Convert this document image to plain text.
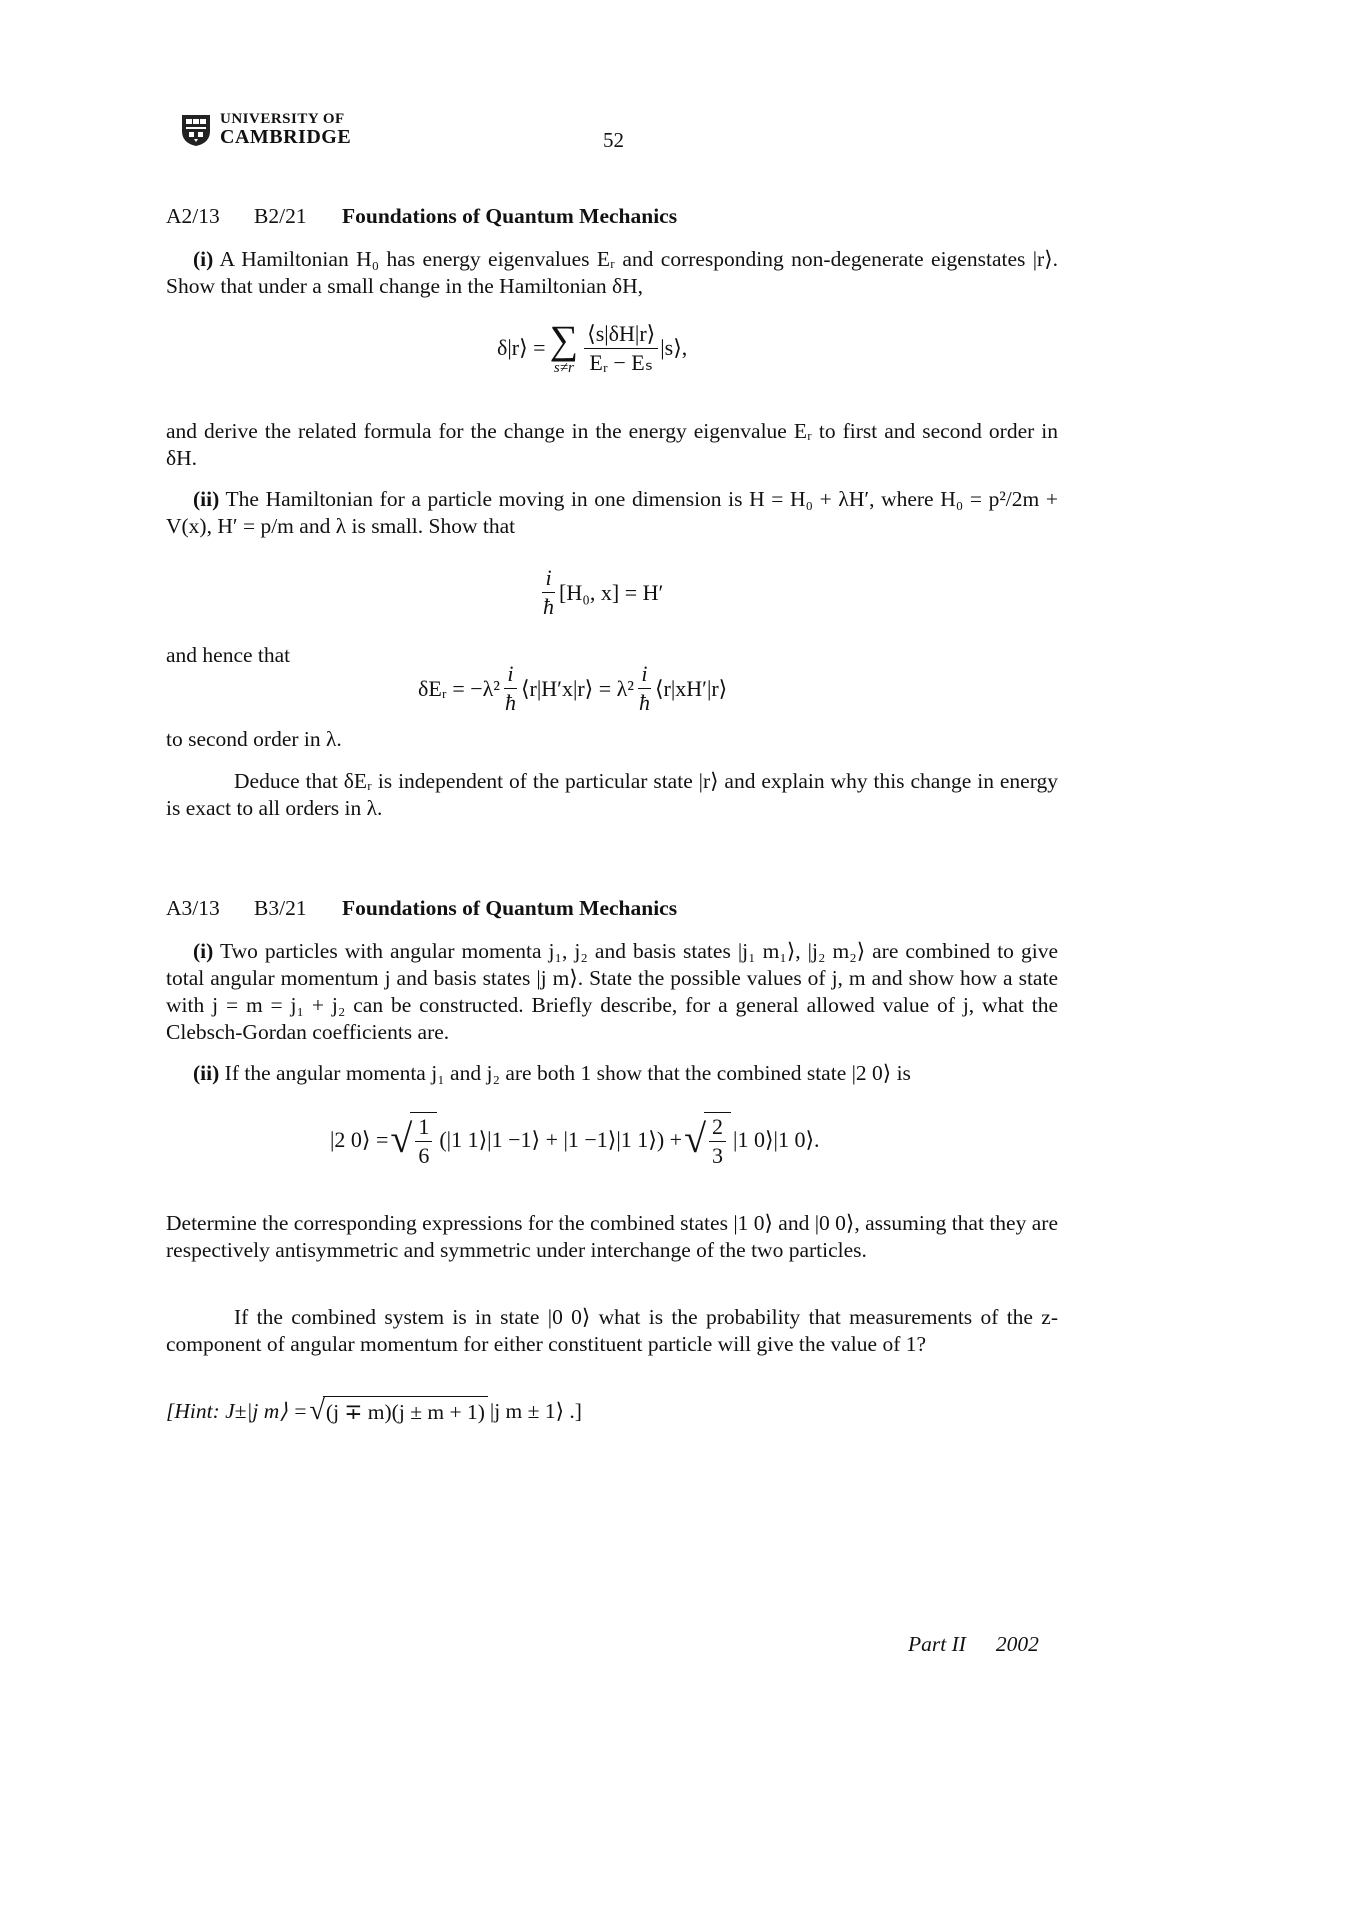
UNIVERSITY OF
CAMBRIDGE	52
A2/13	B2/21	Foundations of Quantum Mechanics
(i) A Hamiltonian H₀ has energy eigenvalues Eᵣ and corresponding non-degenerate eigenstates |r⟩. Show that under a small change in the Hamiltonian δH,
δ|r⟩ = ∑
$s\ne r \frac{⟨s|\delta H|r⟩}{\text{Eᵣ − Eₛ}}$ |s⟩,
and derive the related formula for the change in the energy eigenvalue Eᵣ to first and second order in δH.
(ii) The Hamiltonian for a particle moving in one dimension is H = H₀ + λH′, where H₀ = p²/2m + V(x), H′ = p/m and λ is small. Show that
$\frac{i}{ħ} [H_0$, x] = H′
and hence that
δEᵣ = $-\lambda^2 \frac{i}{ħ}$ ⟨r|H′x|r⟩ = $\lambda^2 \frac{i}{ħ}$ ⟨r|xH′|r⟩
to second order in λ.
Deduce that δEᵣ is independent of the particular state |r⟩ and explain why this change in energy is exact to all orders in λ.
A3/13	B3/21	Foundations of Quantum Mechanics
(i) Two particles with angular momenta j₁, j₂ and basis states |j₁ m₁⟩, |j₂ m₂⟩ are combined to give total angular momentum j and basis states |j m⟩. State the possible values of j, m and show how a state with j = m = j₁ + j₂ can be constructed. Briefly describe, for a general allowed value of j, what the Clebsch-Gordan coefficients are.
(ii) If the angular momenta j₁ and j₂ are both 1 show that the combined state |2 0⟩ is
|2 0⟩ = √ $\frac{1}{6} (|1$ 1⟩|1 −1⟩ + |1 −1⟩|1 1⟩) + √ $\frac{2}{3} |1$ 0⟩|1 0⟩.
Determine the corresponding expressions for the combined states |1 0⟩ and |0 0⟩, assuming that they are respectively antisymmetric and symmetric under interchange of the two particles.
If the combined system is in state |0 0⟩ what is the probability that measurements of the z-component of angular momentum for either constituent particle will give the value of 1?
[Hint: J±|j m⟩ = √ (j ∓ m)(j ± m + 1) |j m ± 1⟩ .]
Part II 2002
